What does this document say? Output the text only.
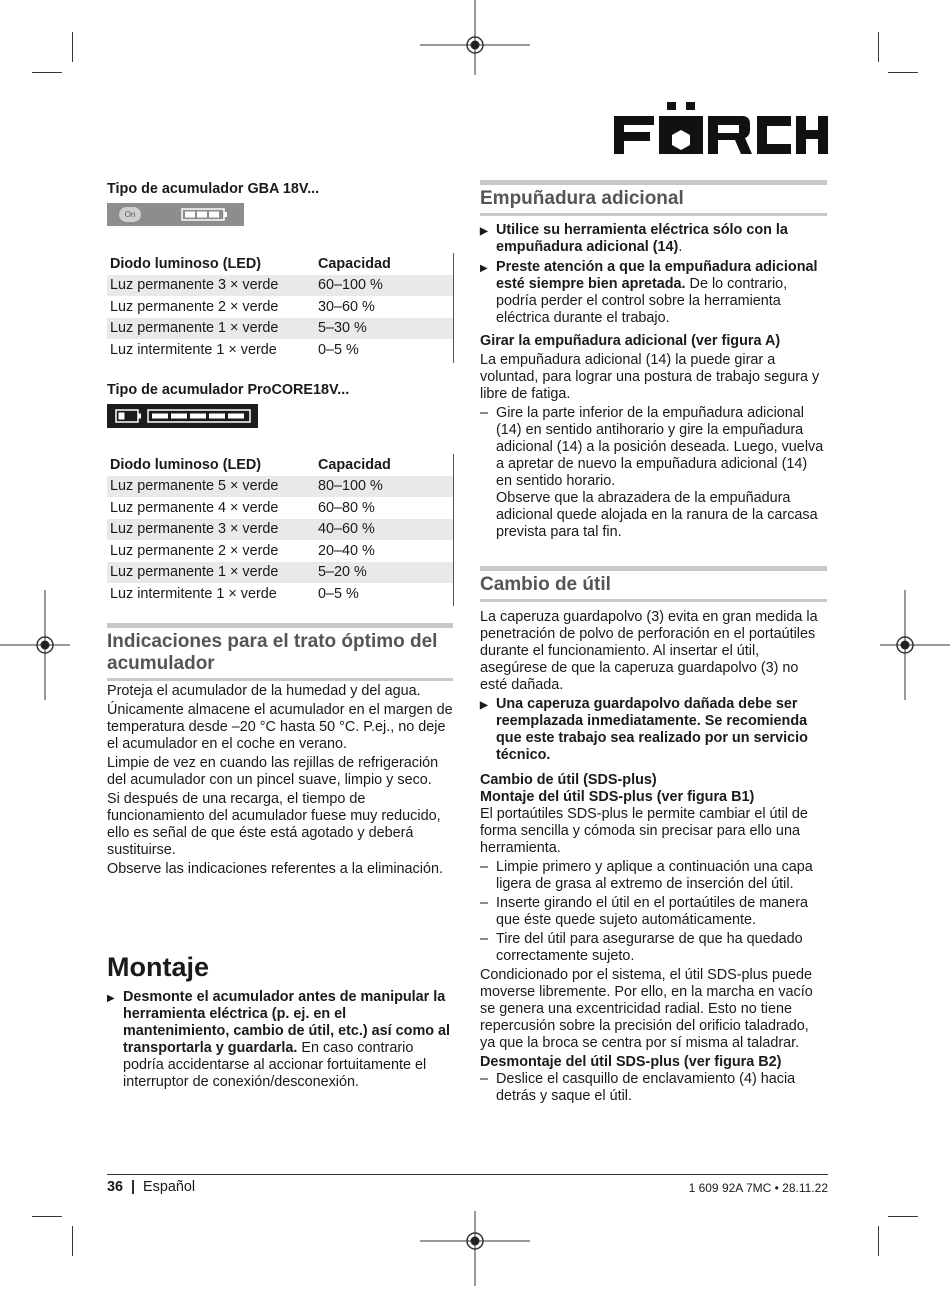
Tipo de acumulador GBA 18V...
On
Diodo luminoso (LED)	Capacidad
Luz permanente 3 × verde	60–100 %
Luz permanente 2 × verde	30–60 %
Luz permanente 1 × verde	5–30 %
Luz intermitente 1 × verde	0–5 %
Tipo de acumulador ProCORE18V...
Diodo luminoso (LED)	Capacidad
Luz permanente 5 × verde	80–100 %
Luz permanente 4 × verde	60–80 %
Luz permanente 3 × verde	40–60 %
Luz permanente 2 × verde	20–40 %
Luz permanente 1 × verde	5–20 %
Luz intermitente 1 × verde	0–5 %
Indicaciones para el trato óptimo del acumulador
Proteja el acumulador de la humedad y del agua.
Únicamente almacene el acumulador en el margen de temperatura desde –20 °C hasta 50 °C. P.ej., no deje el acumulador en el coche en verano.
Limpie de vez en cuando las rejillas de refrigeración del acumulador con un pincel suave, limpio y seco.
Si después de una recarga, el tiempo de funcionamiento del acumulador fuese muy reducido, ello es señal de que éste está agotado y deberá sustituirse.
Observe las indicaciones referentes a la eliminación.
Montaje
▶ Desmonte el acumulador antes de manipular la herramienta eléctrica (p. ej. en el mantenimiento, cambio de útil, etc.) así como al transportarla y guardarla. En caso contrario podría accidentarse al accionar fortuitamente el interruptor de conexión/desconexión.
Empuñadura adicional
▶ Utilice su herramienta eléctrica sólo con la empuñadura adicional (14).
▶ Preste atención a que la empuñadura adicional esté siempre bien apretada. De lo contrario, podría perder el control sobre la herramienta eléctrica durante el trabajo.
Girar la empuñadura adicional (ver figura A)
La empuñadura adicional (14) la puede girar a voluntad, para lograr una postura de trabajo segura y libre de fatiga.
– Gire la parte inferior de la empuñadura adicional (14) en sentido antihorario y gire la empuñadura adicional (14) a la posición deseada. Luego, vuelva a apretar de nuevo la empuñadura adicional (14) en sentido horario.
Observe que la abrazadera de la empuñadura adicional quede alojada en la ranura de la carcasa prevista para tal fin.
Cambio de útil
La caperuza guardapolvo (3) evita en gran medida la penetración de polvo de perforación en el portaútiles durante el funcionamiento. Al insertar el útil, asegúrese de que la caperuza guardapolvo (3) no esté dañada.
▶ Una caperuza guardapolvo dañada debe ser reemplazada inmediatamente. Se recomienda que este trabajo sea realizado por un servicio técnico.
Cambio de útil (SDS-plus)
Montaje del útil SDS-plus (ver figura B1)
El portaútiles SDS-plus le permite cambiar el útil de forma sencilla y cómoda sin precisar para ello una herramienta.
– Limpie primero y aplique a continuación una capa ligera de grasa al extremo de inserción del útil.
– Inserte girando el útil en el portaútiles de manera que éste quede sujeto automáticamente.
– Tire del útil para asegurarse de que ha quedado correctamente sujeto.
Condicionado por el sistema, el útil SDS-plus puede moverse libremente. Por ello, en la marcha en vacío se genera una excentricidad radial. Esto no tiene repercusión sobre la precisión del orificio taladrado, ya que la broca se centra por sí misma al taladrar.
Desmontaje del útil SDS-plus (ver figura B2)
– Deslice el casquillo de enclavamiento (4) hacia detrás y saque el útil.
36 | Español	1 609 92A 7MC • 28.11.22
